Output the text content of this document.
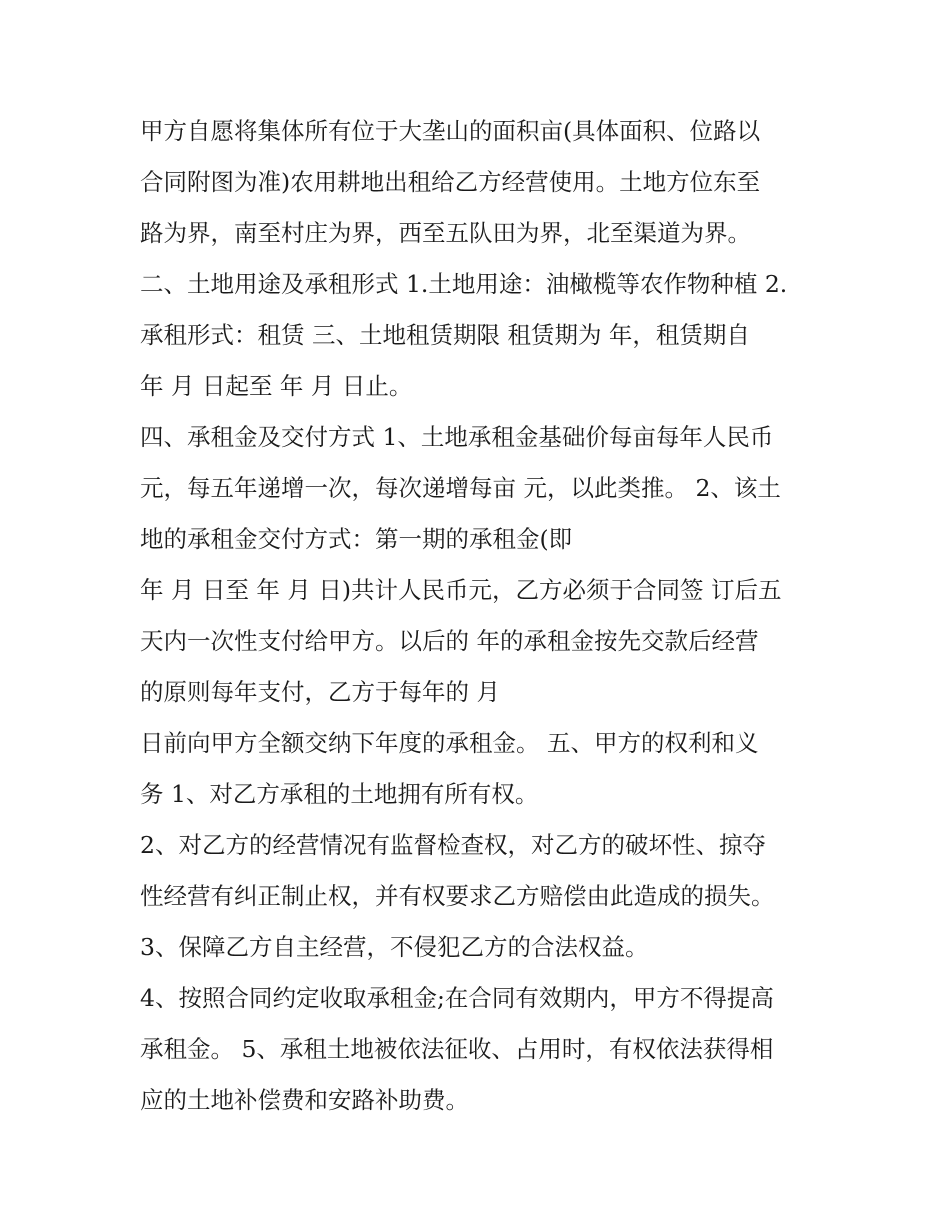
甲方自愿将集体所有位于大垄山的面积亩(具体面积、位路以
合同附图为准)农用耕地出租给乙方经营使用。土地方位东至
路为界，南至村庄为界，西至五队田为界，北至渠道为界。
二、土地用途及承租形式 1.土地用途：油橄榄等农作物种植 2.
承租形式：租赁 三、土地租赁期限 租赁期为 年，租赁期自
年 月 日起至 年 月 日止。
四、承租金及交付方式 1、土地承租金基础价每亩每年人民币
元，每五年递增一次，每次递增每亩 元，以此类推。 2、该土
地的承租金交付方式：第一期的承租金(即
年 月 日至 年 月 日)共计人民币元，乙方必须于合同签 订后五
天内一次性支付给甲方。以后的 年的承租金按先交款后经营
的原则每年支付，乙方于每年的 月
日前向甲方全额交纳下年度的承租金。 五、甲方的权利和义
务 1、对乙方承租的土地拥有所有权。
2、对乙方的经营情况有监督检查权，对乙方的破坏性、掠夺
性经营有纠正制止权，并有权要求乙方赔偿由此造成的损失。
3、保障乙方自主经营，不侵犯乙方的合法权益。
4、按照合同约定收取承租金;在合同有效期内，甲方不得提高
承租金。 5、承租土地被依法征收、占用时，有权依法获得相
应的土地补偿费和安路补助费。
